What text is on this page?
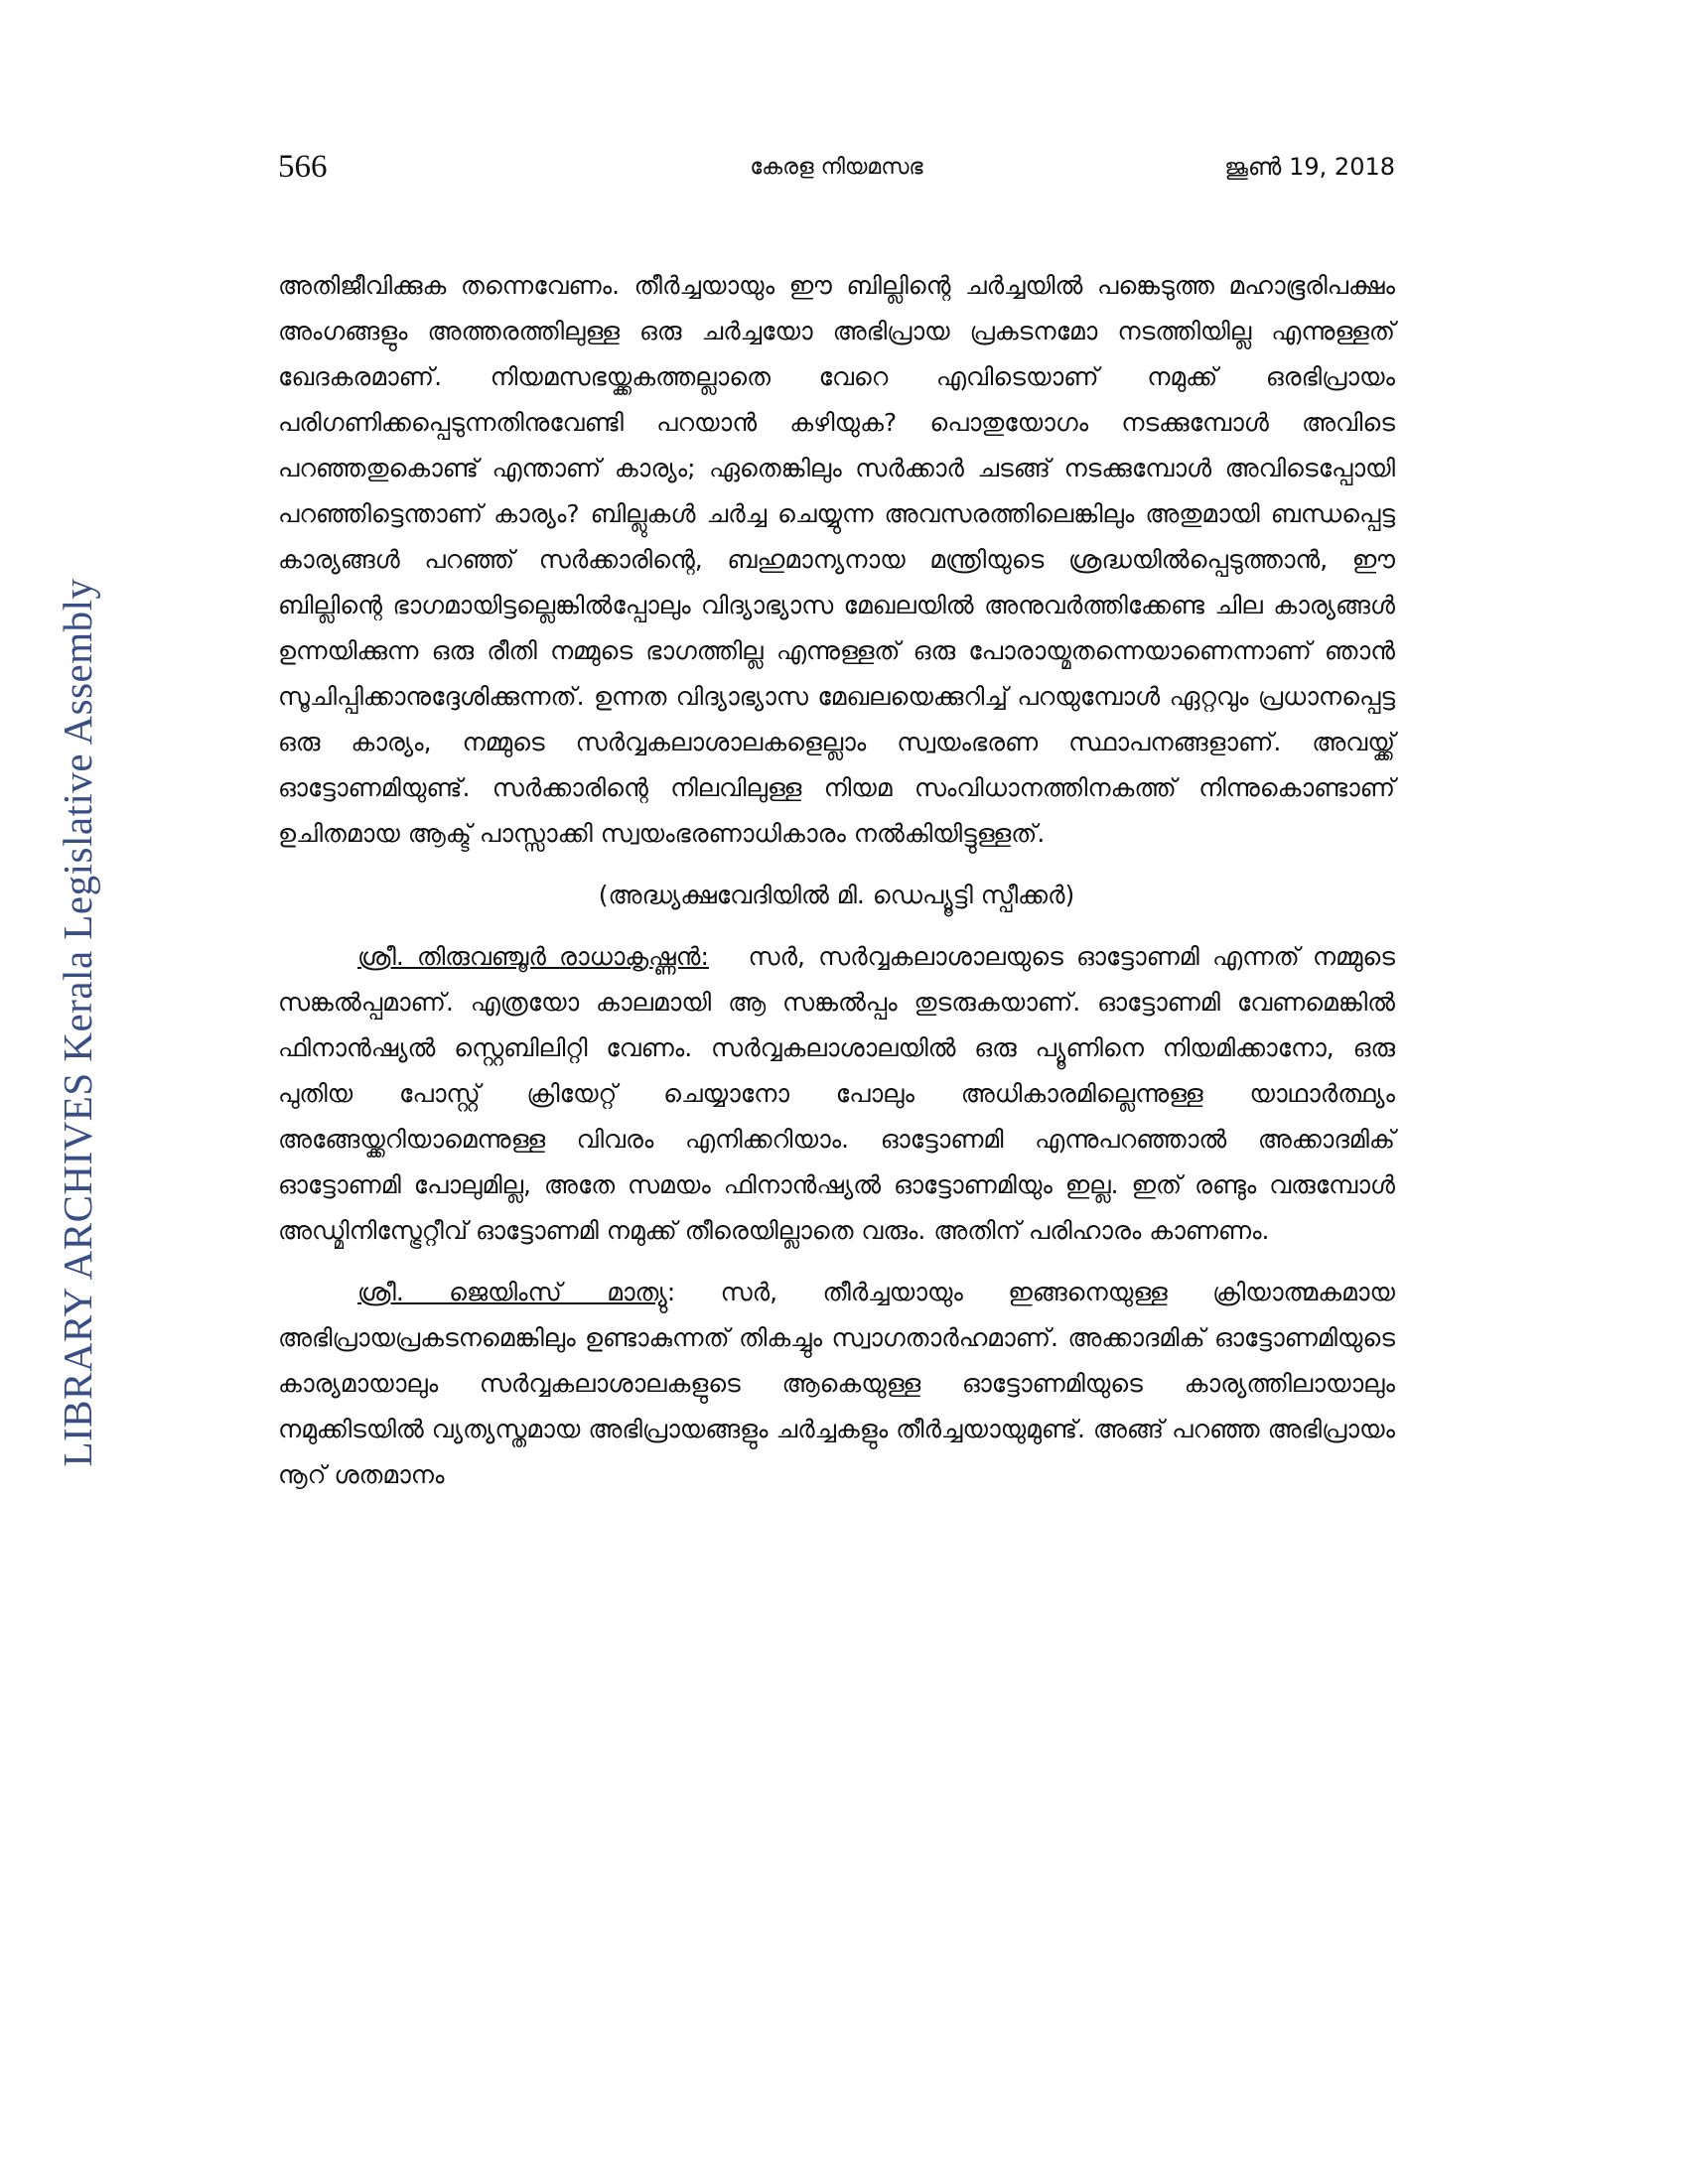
LIBRARY ARCHIVES Kerala Legislative Assembly
566	കേരള നിയമസഭ	ജൂൺ 19, 2018

അതിജീവിക്കുക തന്നെവേണം. തീർച്ചയായും ഈ ബില്ലിന്റെ ചർച്ചയിൽ പങ്കെടുത്ത മഹാഭൂരിപക്ഷം അംഗങ്ങളും അത്തരത്തിലുള്ള ഒരു ചർച്ചയോ അഭിപ്രായ പ്രകടനമോ നടത്തിയില്ല എന്നുള്ളത് ഖേദകരമാണ്. നിയമസഭയ്ക്കകത്തല്ലാതെ വേറെ എവിടെയാണ് നമുക്ക് ഒരഭിപ്രായം പരിഗണിക്കപ്പെടുന്നതിനുവേണ്ടി പറയാൻ കഴിയുക? പൊതുയോഗം നടക്കുമ്പോൾ അവിടെ പറഞ്ഞതുകൊണ്ട് എന്താണ് കാര്യം; ഏതെങ്കിലും സർക്കാർ ചടങ്ങ് നടക്കുമ്പോൾ അവിടെപ്പോയി പറഞ്ഞിട്ടെന്താണ് കാര്യം? ബില്ലുകൾ ചർച്ച ചെയ്യുന്ന അവസരത്തിലെങ്കിലും അതുമായി ബന്ധപ്പെട്ട കാര്യങ്ങൾ പറഞ്ഞ് സർക്കാരിന്റെ, ബഹുമാന്യനായ മന്ത്രിയുടെ ശ്രദ്ധയിൽപ്പെടുത്താൻ, ഈ ബില്ലിന്റെ ഭാഗമായിട്ടല്ലെങ്കിൽപ്പോലും വിദ്യാഭ്യാസ മേഖലയിൽ അനുവർത്തിക്കേണ്ട ചില കാര്യങ്ങൾ ഉന്നയിക്കുന്ന ഒരു രീതി നമ്മുടെ ഭാഗത്തില്ല എന്നുള്ളത് ഒരു പോരായ്മതന്നെയാണെന്നാണ് ഞാൻ സൂചിപ്പിക്കാനുദ്ദേശിക്കുന്നത്. ഉന്നത വിദ്യാഭ്യാസ മേഖലയെക്കുറിച്ച് പറയുമ്പോൾ ഏറ്റവും പ്രധാനപ്പെട്ട ഒരു കാര്യം, നമ്മുടെ സർവ്വകലാശാലകളെല്ലാം സ്വയംഭരണ സ്ഥാപനങ്ങളാണ്. അവയ്ക്ക് ഓട്ടോണമിയുണ്ട്. സർക്കാരിന്റെ നിലവിലുള്ള നിയമ സംവിധാനത്തിനകത്ത് നിന്നുകൊണ്ടാണ് ഉചിതമായ ആക്ട് പാസ്സാക്കി സ്വയംഭരണാധികാരം നൽകിയിട്ടുള്ളത്.

(അദ്ധ്യക്ഷവേദിയിൽ മി. ഡെപ്യൂട്ടി സ്പീക്കർ)

ശ്രീ. തിരുവഞ്ചൂർ രാധാകൃഷ്ണൻ: സർ, സർവ്വകലാശാലയുടെ ഓട്ടോണമി എന്നത് നമ്മുടെ സങ്കൽപ്പമാണ്. എത്രയോ കാലമായി ആ സങ്കൽപ്പം തുടരുകയാണ്. ഓട്ടോണമി വേണമെങ്കിൽ ഫിനാൻഷ്യൽ സ്റ്റെബിലിറ്റി വേണം. സർവ്വകലാശാലയിൽ ഒരു പ്യൂണിനെ നിയമിക്കാനോ, ഒരു പുതിയ പോസ്റ്റ് ക്രിയേറ്റ് ചെയ്യാനോ പോലും അധികാരമില്ലെന്നുള്ള യാഥാർത്ഥ്യം അങ്ങേയ്ക്കറിയാമെന്നുള്ള വിവരം എനിക്കറിയാം. ഓട്ടോണമി എന്നുപറഞ്ഞാൽ അക്കാദമിക് ഓട്ടോണമി പോലുമില്ല, അതേ സമയം ഫിനാൻഷ്യൽ ഓട്ടോണമിയും ഇല്ല. ഇത് രണ്ടും വരുമ്പോൾ അഡ്മിനിസ്ട്രേറ്റീവ് ഓട്ടോണമി നമുക്ക് തീരെയില്ലാതെ വരും. അതിന് പരിഹാരം കാണണം.

ശ്രീ. ജെയിംസ് മാത്യു: സർ, തീർച്ചയായും ഇങ്ങനെയുള്ള ക്രിയാത്മകമായ അഭിപ്രായപ്രകടനമെങ്കിലും ഉണ്ടാകുന്നത് തികച്ചും സ്വാഗതാർഹമാണ്. അക്കാദമിക് ഓട്ടോണമിയുടെ കാര്യമായാലും സർവ്വകലാശാലകളുടെ ആകെയുള്ള ഓട്ടോണമിയുടെ കാര്യത്തിലായാലും നമുക്കിടയിൽ വ്യത്യസ്തമായ അഭിപ്രായങ്ങളും ചർച്ചകളും തീർച്ചയായുമുണ്ട്. അങ്ങ് പറഞ്ഞ അഭിപ്രായം നൂറ് ശതമാനം
